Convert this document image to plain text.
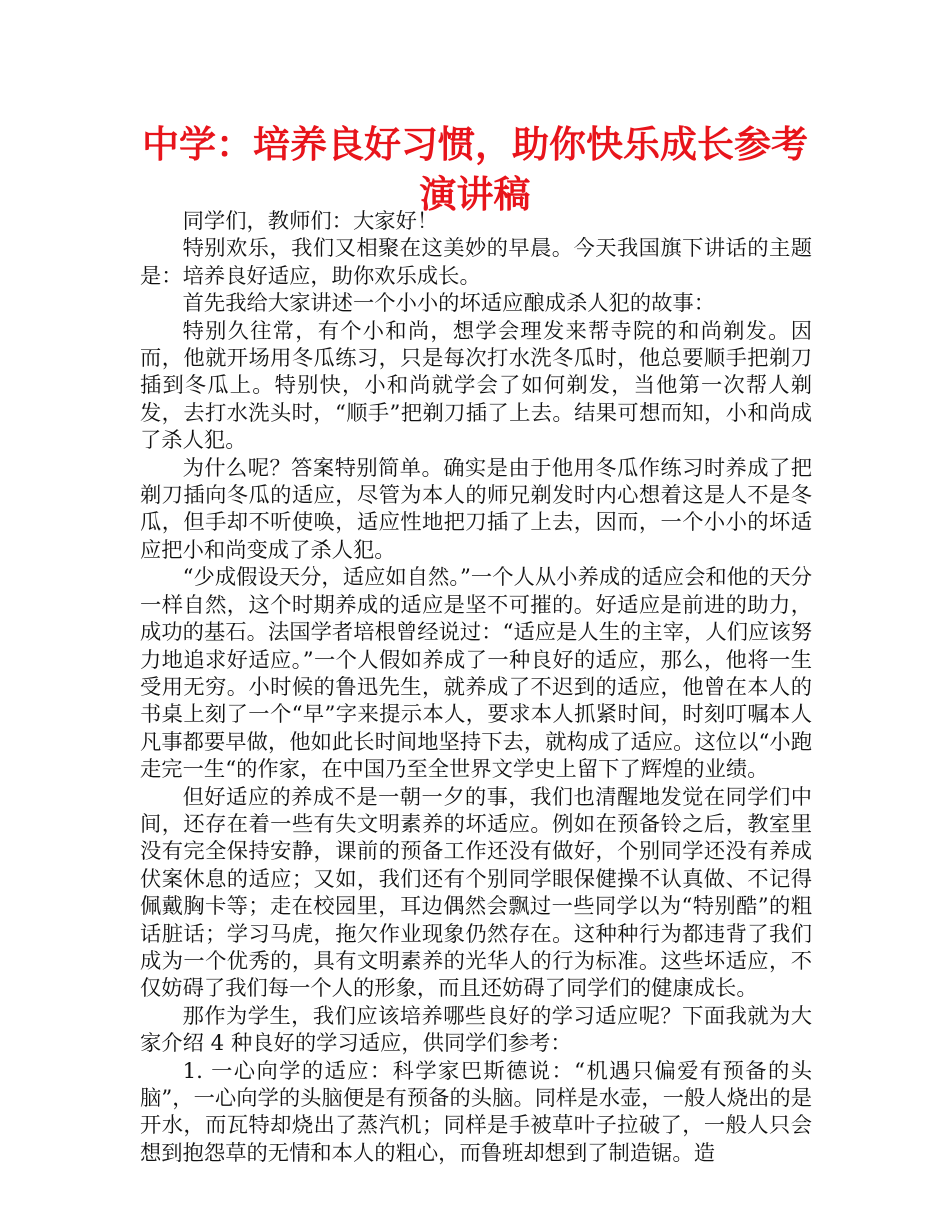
中学：培养良好习惯，助你快乐成长参考
演讲稿

同学们，教师们：大家好！

特别欢乐，我们又相聚在这美妙的早晨。今天我国旗下讲话的主题是：培养良好适应，助你欢乐成长。

首先我给大家讲述一个小小的坏适应酿成杀人犯的故事：

特别久往常，有个小和尚，想学会理发来帮寺院的和尚剃发。因而，他就开场用冬瓜练习，只是每次打水洗冬瓜时，他总要顺手把剃刀插到冬瓜上。特别快，小和尚就学会了如何剃发，当他第一次帮人剃发，去打水洗头时，“顺手”把剃刀插了上去。结果可想而知，小和尚成了杀人犯。

为什么呢？答案特别简单。确实是由于他用冬瓜作练习时养成了把剃刀插向冬瓜的适应，尽管为本人的师兄剃发时内心想着这是人不是冬瓜，但手却不听使唤，适应性地把刀插了上去，因而，一个小小的坏适应把小和尚变成了杀人犯。

“少成假设天分，适应如自然。”一个人从小养成的适应会和他的天分一样自然，这个时期养成的适应是坚不可摧的。好适应是前进的助力，成功的基石。法国学者培根曾经说过：“适应是人生的主宰，人们应该努力地追求好适应。”一个人假如养成了一种良好的适应，那么，他将一生受用无穷。小时候的鲁迅先生，就养成了不迟到的适应，他曾在本人的书桌上刻了一个“早”字来提示本人，要求本人抓紧时间，时刻叮嘱本人凡事都要早做，他如此长时间地坚持下去，就构成了适应。这位以“小跑走完一生“的作家，在中国乃至全世界文学史上留下了辉煌的业绩。

但好适应的养成不是一朝一夕的事，我们也清醒地发觉在同学们中间，还存在着一些有失文明素养的坏适应。例如在预备铃之后，教室里没有完全保持安静，课前的预备工作还没有做好，个别同学还没有养成伏案休息的适应；又如，我们还有个别同学眼保健操不认真做、不记得佩戴胸卡等；走在校园里，耳边偶然会飘过一些同学以为“特别酷”的粗话脏话；学习马虎，拖欠作业现象仍然存在。这种种行为都违背了我们成为一个优秀的，具有文明素养的光华人的行为标准。这些坏适应，不仅妨碍了我们每一个人的形象，而且还妨碍了同学们的健康成长。

那作为学生，我们应该培养哪些良好的学习适应呢？下面我就为大家介绍 4 种良好的学习适应，供同学们参考：

1. 一心向学的适应：科学家巴斯德说：“机遇只偏爱有预备的头脑”，一心向学的头脑便是有预备的头脑。同样是水壶，一般人烧出的是开水，而瓦特却烧出了蒸汽机；同样是手被草叶子拉破了，一般人只会想到抱怨草的无情和本人的粗心，而鲁班却想到了制造锯。造
